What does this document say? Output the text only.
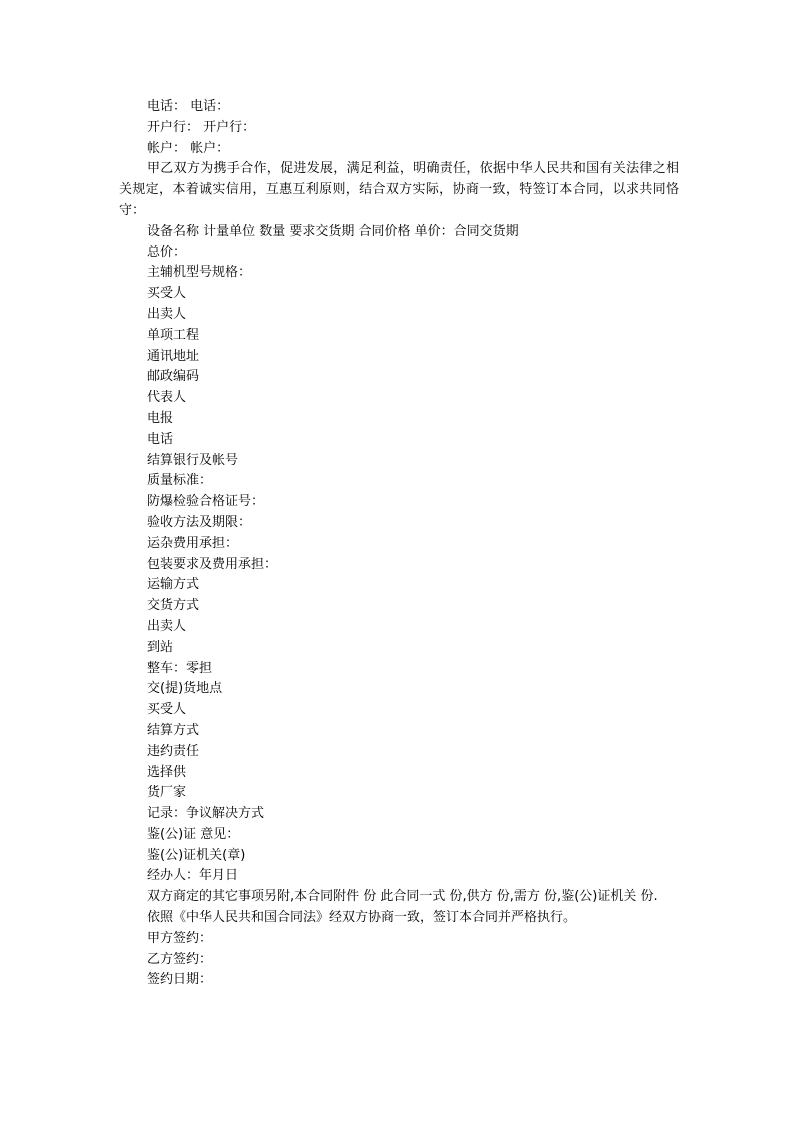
电话： 电话：

开户行： 开户行：

帐户： 帐户：

甲乙双方为携手合作，促进发展，满足利益，明确责任，依据中华人民共和国有关法律之相关规定，本着诚实信用，互惠互利原则，结合双方实际，协商一致，特签订本合同，以求共同恪守：

设备名称 计量单位 数量 要求交货期 合同价格 单价：合同交货期

总价：

主辅机型号规格：

买受人

出卖人

单项工程

通讯地址

邮政编码

代表人

电报

电话

结算银行及帐号

质量标准：

防爆检验合格证号：

验收方法及期限：

运杂费用承担：

包装要求及费用承担：

运输方式

交货方式

出卖人

到站

整车：零担

交(提)货地点

买受人

结算方式

违约责任

选择供

货厂家

记录：争议解决方式

鉴(公)证 意见：

鉴(公)证机关(章)

经办人：年月日

双方商定的其它事项另附,本合同附件 份 此合同一式 份,供方 份,需方 份,鉴(公)证机关 份.

依照《中华人民共和国合同法》经双方协商一致，签订本合同并严格执行。

甲方签约：

乙方签约：

签约日期：
